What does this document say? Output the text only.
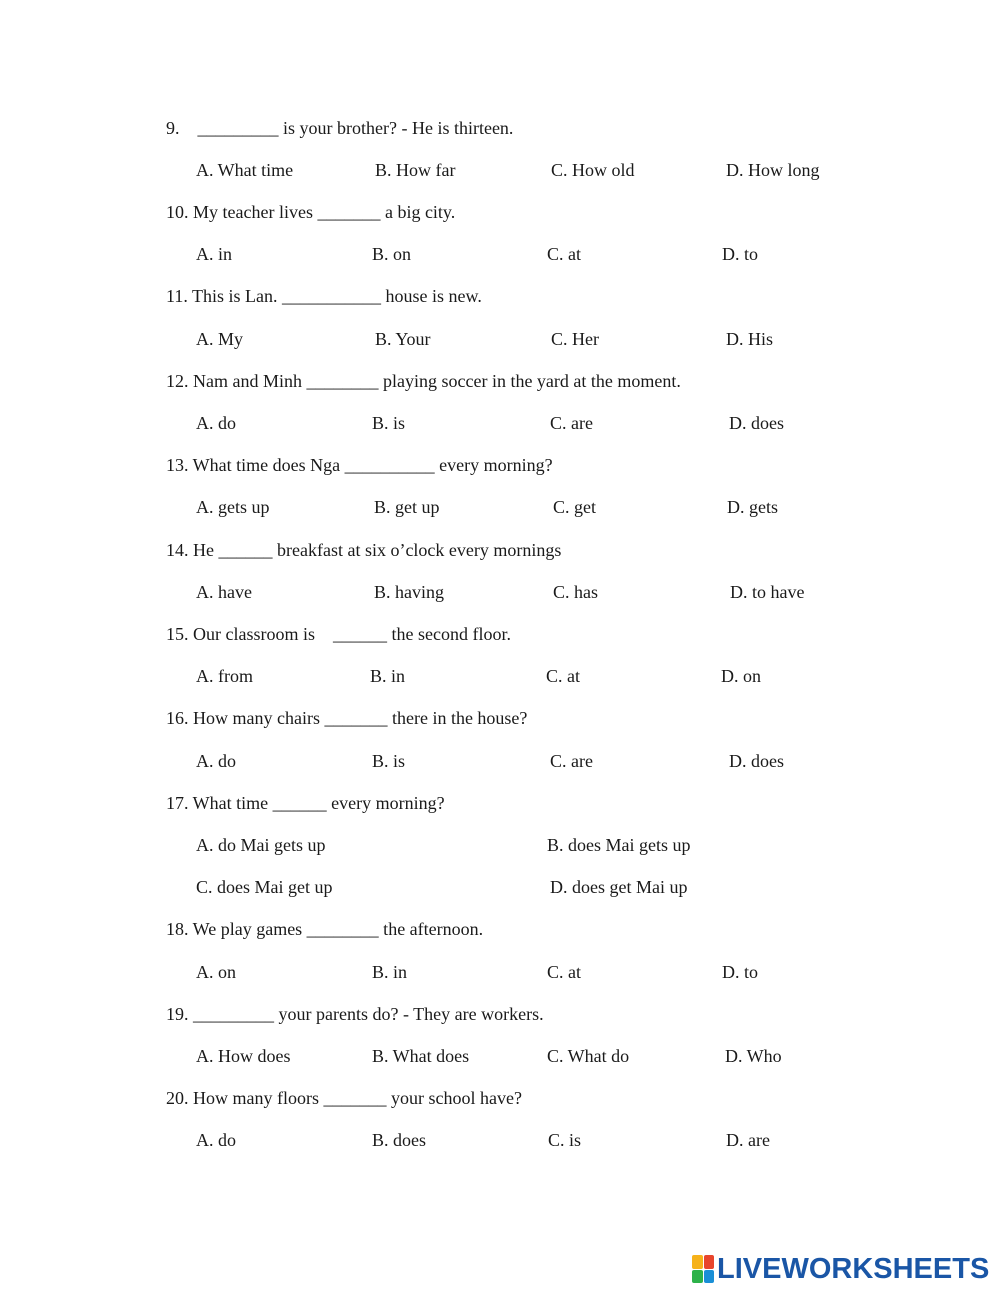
9.    _________ is your brother? - He is thirteen.
A. What time	B. How far	C. How old	D. How long
10. My teacher lives _______ a big city.
A. in	B. on	C. at	D. to
11. This is Lan. ___________ house is new.
A. My	B. Your	C. Her	D. His
12. Nam and Minh ________ playing soccer in the yard at the moment.
A. do	B. is	C. are	D. does
13. What time does Nga __________ every morning?
A. gets up	B. get up	C. get	D. gets
14. He ______ breakfast at six o’clock every mornings
A. have	B. having	C. has	D. to have
15. Our classroom is    ______ the second floor.
A. from	B. in	C. at	D. on
16. How many chairs _______ there in the house?
A. do	B. is	C. are	D. does
17. What time ______ every morning?
A. do Mai gets up	B. does Mai gets up
C. does Mai get up	D. does get Mai up
18. We play games ________ the afternoon.
A. on	B. in	C. at	D. to
19. _________ your parents do? - They are workers.
A. How does	B. What does	C. What do	D. Who
20. How many floors _______ your school have?
A. do	B. does	C. is	D. are
LIVEWORKSHEETS
